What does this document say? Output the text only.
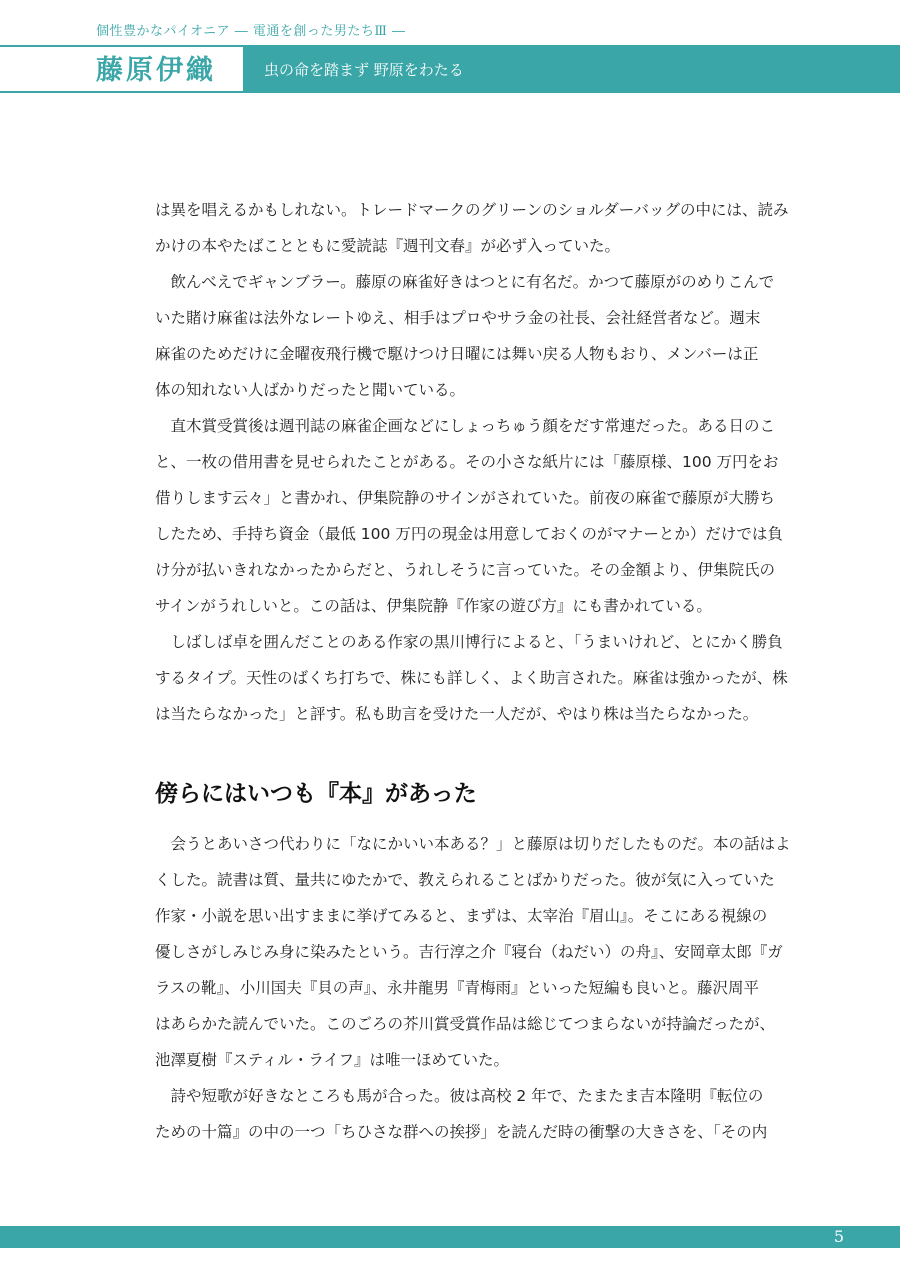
個性豊かなパイオニア ― 電通を創った男たちⅢ ―
藤原伊織	虫の命を踏まず 野原をわたる
は異を唱えるかもしれない。トレードマークのグリーンのショルダーバッグの中には、読み
かけの本やたばことともに愛読誌『週刊文春』が必ず入っていた。
　飲んべえでギャンブラー。藤原の麻雀好きはつとに有名だ。かつて藤原がのめりこんで
いた賭け麻雀は法外なレートゆえ、相手はプロやサラ金の社長、会社経営者など。週末
麻雀のためだけに金曜夜飛行機で駆けつけ日曜には舞い戻る人物もおり、メンバーは正
体の知れない人ばかりだったと聞いている。
　直木賞受賞後は週刊誌の麻雀企画などにしょっちゅう顔をだす常連だった。ある日のこ
と、一枚の借用書を見せられたことがある。その小さな紙片には「藤原様、100 万円をお
借りします云々」と書かれ、伊集院静のサインがされていた。前夜の麻雀で藤原が大勝ち
したため、手持ち資金（最低 100 万円の現金は用意しておくのがマナーとか）だけでは負
け分が払いきれなかったからだと、うれしそうに言っていた。その金額より、伊集院氏の
サインがうれしいと。この話は、伊集院静『作家の遊び方』にも書かれている。
　しばしば卓を囲んだことのある作家の黒川博行によると、「うまいけれど、とにかく勝負
するタイプ。天性のばくち打ちで、株にも詳しく、よく助言された。麻雀は強かったが、株
は当たらなかった」と評す。私も助言を受けた一人だが、やはり株は当たらなかった。
傍らにはいつも『本』があった
　会うとあいさつ代わりに「なにかいい本ある？」と藤原は切りだしたものだ。本の話はよ
くした。読書は質、量共にゆたかで、教えられることばかりだった。彼が気に入っていた
作家・小説を思い出すままに挙げてみると、まずは、太宰治『眉山』。そこにある視線の
優しさがしみじみ身に染みたという。吉行淳之介『寝台（ねだい）の舟』、安岡章太郎『ガ
ラスの靴』、小川国夫『貝の声』、永井龍男『青梅雨』といった短編も良いと。藤沢周平
はあらかた読んでいた。このごろの芥川賞受賞作品は総じてつまらないが持論だったが、
池澤夏樹『スティル・ライフ』は唯一ほめていた。
　詩や短歌が好きなところも馬が合った。彼は高校 2 年で、たまたま吉本隆明『転位の
ための十篇』の中の一つ「ちひさな群への挨拶」を読んだ時の衝撃の大きさを、「その内
5
